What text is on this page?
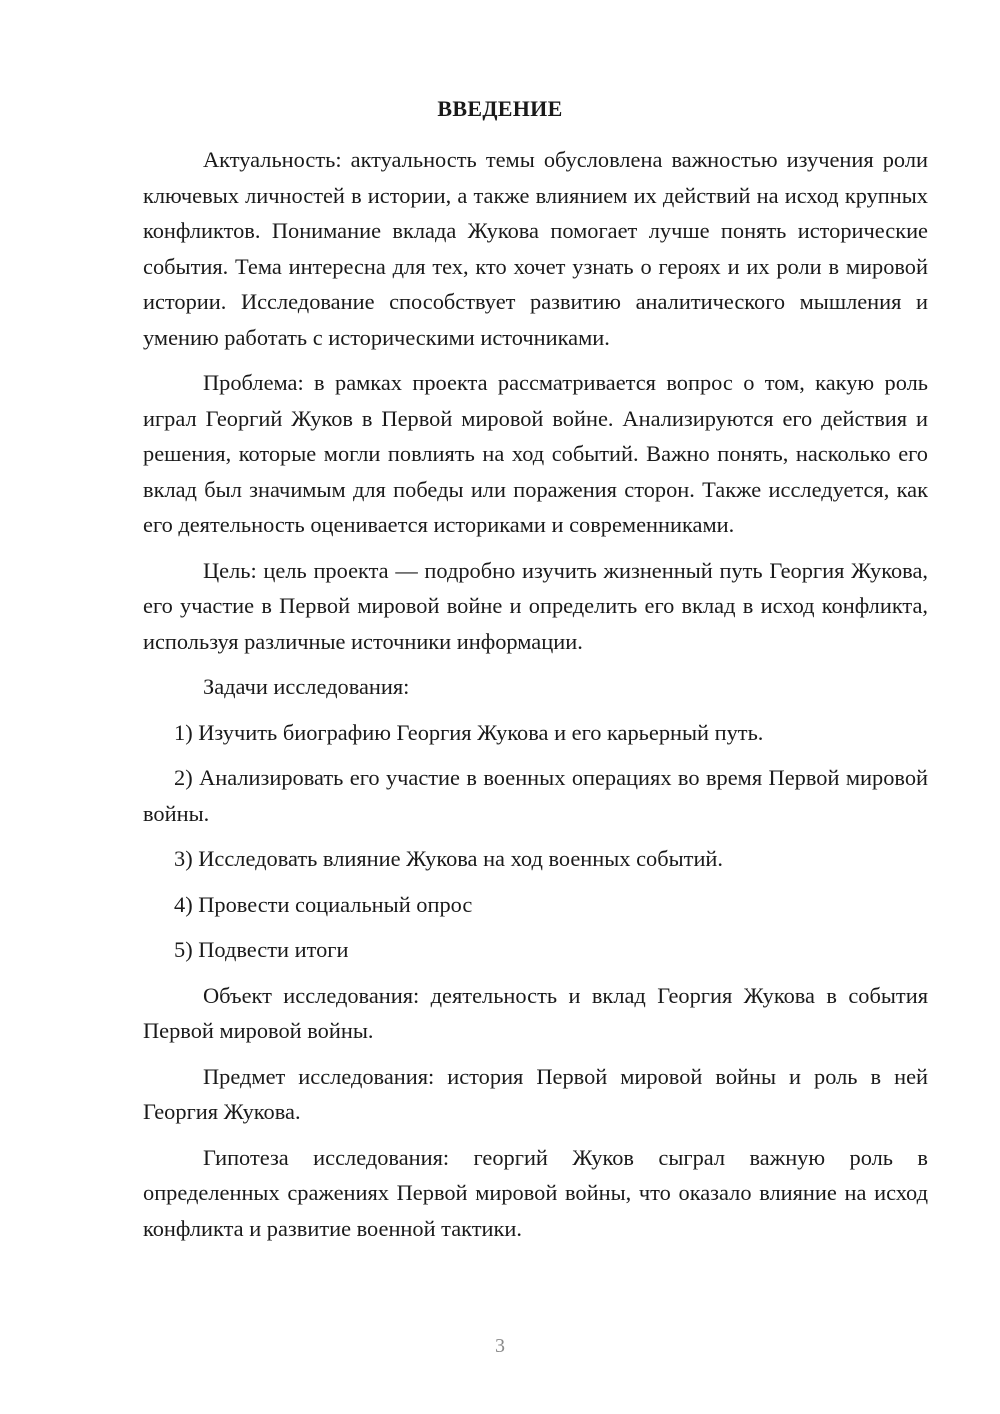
ВВЕДЕНИЕ

Актуальность: актуальность темы обусловлена важностью изучения роли ключевых личностей в истории, а также влиянием их действий на исход крупных конфликтов. Понимание вклада Жукова помогает лучше понять исторические события. Тема интересна для тех, кто хочет узнать о героях и их роли в мировой истории. Исследование способствует развитию аналитического мышления и умению работать с историческими источниками.

Проблема: в рамках проекта рассматривается вопрос о том, какую роль играл Георгий Жуков в Первой мировой войне. Анализируются его действия и решения, которые могли повлиять на ход событий. Важно понять, насколько его вклад был значимым для победы или поражения сторон. Также исследуется, как его деятельность оценивается историками и современниками.

Цель: цель проекта — подробно изучить жизненный путь Георгия Жукова, его участие в Первой мировой войне и определить его вклад в исход конфликта, используя различные источники информации.

Задачи исследования:

1) Изучить биографию Георгия Жукова и его карьерный путь.

2) Анализировать его участие в военных операциях во время Первой мировой войны.

3) Исследовать влияние Жукова на ход военных событий.

4) Провести социальный опрос

5) Подвести итоги

Объект исследования: деятельность и вклад Георгия Жукова в события Первой мировой войны.

Предмет исследования: история Первой мировой войны и роль в ней Георгия Жукова.

Гипотеза исследования: георгий Жуков сыграл важную роль в определенных сражениях Первой мировой войны, что оказало влияние на исход конфликта и развитие военной тактики.

3
